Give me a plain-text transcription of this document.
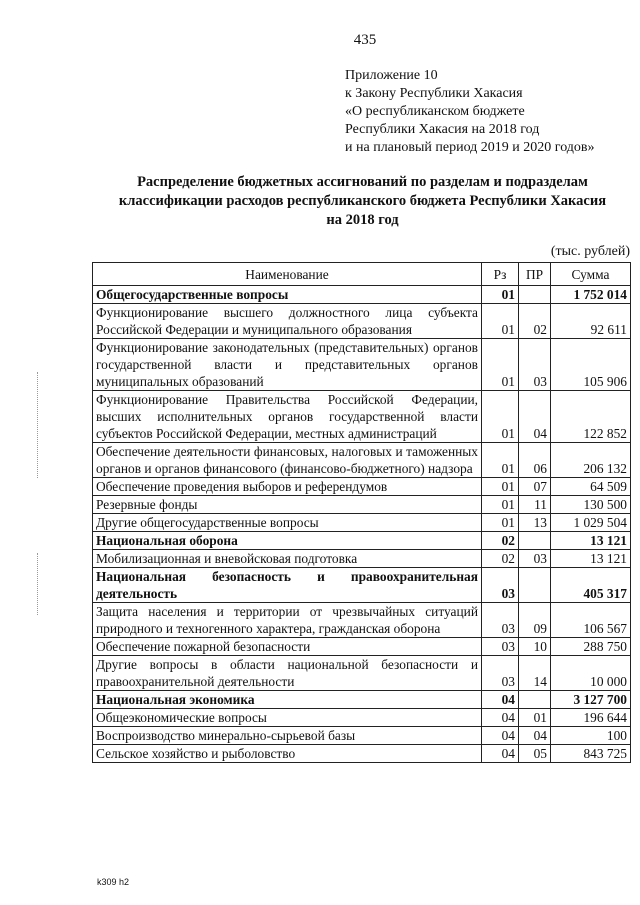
435
Приложение 10
к Закону Республики Хакасия
«О республиканском бюджете
Республики Хакасия на 2018 год
и на плановый период 2019 и 2020 годов»
Распределение бюджетных ассигнований по разделам и подразделам
классификации расходов республиканского бюджета Республики Хакасия
на 2018 год
(тыс. рублей)
Наименование	Рз	ПР	Сумма
Общегосударственные вопросы	01		1 752 014
Функционирование высшего должностного лица субъекта Российской Федерации и муниципального образования	01	02	92 611
Функционирование законодательных (представительных) органов государственной власти и представительных органов муниципальных образований	01	03	105 906
Функционирование Правительства Российской Федерации, высших исполнительных органов государственной власти субъектов Российской Федерации, местных администраций	01	04	122 852
Обеспечение деятельности финансовых, налоговых и таможенных органов и органов финансового (финансово-бюджетного) надзора	01	06	206 132
Обеспечение проведения выборов и референдумов	01	07	64 509
Резервные фонды	01	11	130 500
Другие общегосударственные вопросы	01	13	1 029 504
Национальная оборона	02		13 121
Мобилизационная и вневойсковая подготовка	02	03	13 121
Национальная безопасность и правоохранительная деятельность	03		405 317
Защита населения и территории от чрезвычайных ситуаций природного и техногенного характера, гражданская оборона	03	09	106 567
Обеспечение пожарной безопасности	03	10	288 750
Другие вопросы в области национальной безопасности и правоохранительной деятельности	03	14	10 000
Национальная экономика	04		3 127 700
Общеэкономические вопросы	04	01	196 644
Воспроизводство минерально-сырьевой базы	04	04	100
Сельское хозяйство и рыболовство	04	05	843 725
k309 h2
